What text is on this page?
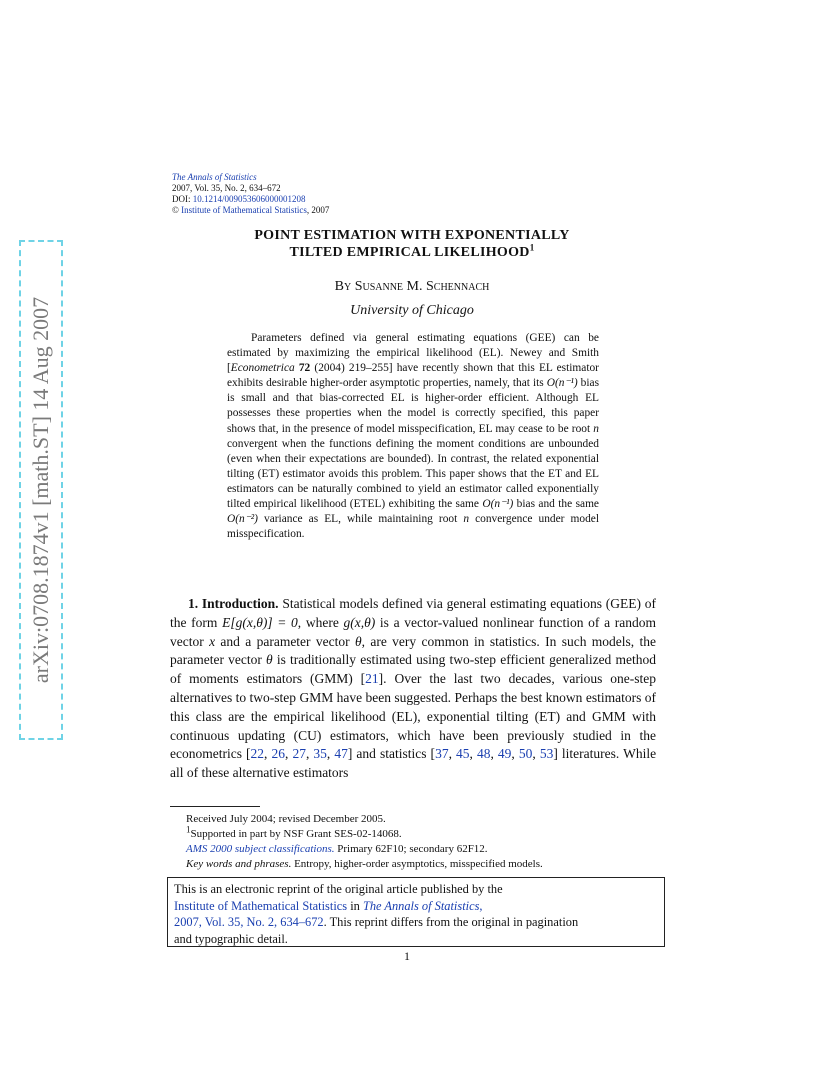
arXiv:0708.1874v1 [math.ST] 14 Aug 2007
The Annals of Statistics
2007, Vol. 35, No. 2, 634–672
DOI: 10.1214/009053606000001208
© Institute of Mathematical Statistics, 2007
POINT ESTIMATION WITH EXPONENTIALLY
TILTED EMPIRICAL LIKELIHOOD$^1$
By Susanne M. Schennach
University of Chicago

Parameters defined via general estimating equations (GEE) can be estimated by maximizing the empirical likelihood (EL). Newey and Smith [Econometrica 72 (2004) 219–255] have recently shown that this EL estimator exhibits desirable higher-order asymptotic properties, namely, that its O(n⁻¹) bias is small and that bias-corrected EL is higher-order efficient. Although EL possesses these properties when the model is correctly specified, this paper shows that, in the presence of model misspecification, EL may cease to be root n convergent when the functions defining the moment conditions are unbounded (even when their expectations are bounded). In contrast, the related exponential tilting (ET) estimator avoids this problem. This paper shows that the ET and EL estimators can be naturally combined to yield an estimator called exponentially tilted empirical likelihood (ETEL) exhibiting the same O(n⁻¹) bias and the same O(n⁻²) variance as EL, while maintaining root n convergence under model misspecification.

1. Introduction. Statistical models defined via general estimating equations (GEE) of the form E[g(x,θ)] = 0, where g(x,θ) is a vector-valued nonlinear function of a random vector x and a parameter vector θ, are very common in statistics. In such models, the parameter vector θ is traditionally estimated using two-step efficient generalized method of moments estimators (GMM) [21]. Over the last two decades, various one-step alternatives to two-step GMM have been suggested. Perhaps the best known estimators of this class are the empirical likelihood (EL), exponential tilting (ET) and GMM with continuous updating (CU) estimators, which have been previously studied in the econometrics [22, 26, 27, 35, 47] and statistics [37, 45, 48, 49, 50, 53] literatures. While all of these alternative estimators

Received July 2004; revised December 2005.
$^1$Supported in part by NSF Grant SES-02-14068.
AMS 2000 subject classifications. Primary 62F10; secondary 62F12.
Key words and phrases. Entropy, higher-order asymptotics, misspecified models.
This is an electronic reprint of the original article published by the
Institute of Mathematical Statistics in The Annals of Statistics,
2007, Vol. 35, No. 2, 634–672. This reprint differs from the original in pagination
and typographic detail.
1
